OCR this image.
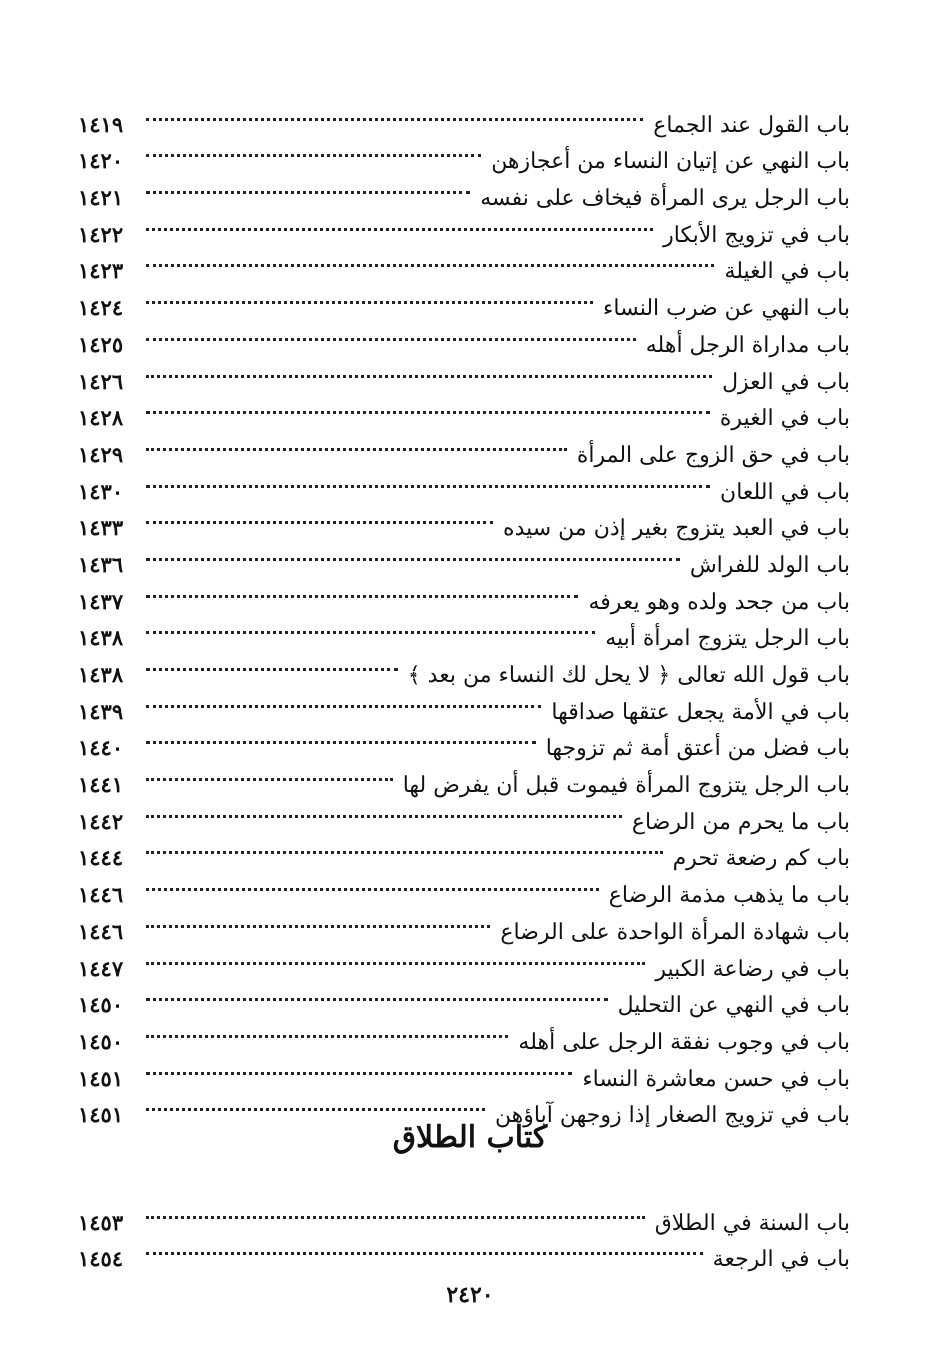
باب القول عند الجماع
١٤١٩
باب النهي عن إتيان النساء من أعجازهن
١٤٢٠
باب الرجل يرى المرأة فيخاف على نفسه
١٤٢١
باب في تزويج الأبكار
١٤٢٢
باب في الغيلة
١٤٢٣
باب النهي عن ضرب النساء
١٤٢٤
باب مداراة الرجل أهله
١٤٢٥
باب في العزل
١٤٢٦
باب في الغيرة
١٤٢٨
باب في حق الزوج على المرأة
١٤٢٩
باب في اللعان
١٤٣٠
باب في العبد يتزوج بغير إذن من سيده
١٤٣٣
باب الولد للفراش
١٤٣٦
باب من جحد ولده وهو يعرفه
١٤٣٧
باب الرجل يتزوج امرأة أبيه
١٤٣٨
باب قول الله تعالى ﴿ لا يحل لك النساء من بعد ﴾
١٤٣٨
باب في الأمة يجعل عتقها صداقها
١٤٣٩
باب فضل من أعتق أمة ثم تزوجها
١٤٤٠
باب الرجل يتزوج المرأة فيموت قبل أن يفرض لها
١٤٤١
باب ما يحرم من الرضاع
١٤٤٢
باب كم رضعة تحرم
١٤٤٤
باب ما يذهب مذمة الرضاع
١٤٤٦
باب شهادة المرأة الواحدة على الرضاع
١٤٤٦
باب في رضاعة الكبير
١٤٤٧
باب في النهي عن التحليل
١٤٥٠
باب في وجوب نفقة الرجل على أهله
١٤٥٠
باب في حسن معاشرة النساء
١٤٥١
باب في تزويج الصغار إذا زوجهن آباؤهن
١٤٥١
كتاب الطلاق
باب السنة في الطلاق
١٤٥٣
باب في الرجعة
١٤٥٤
٢٤٢٠
